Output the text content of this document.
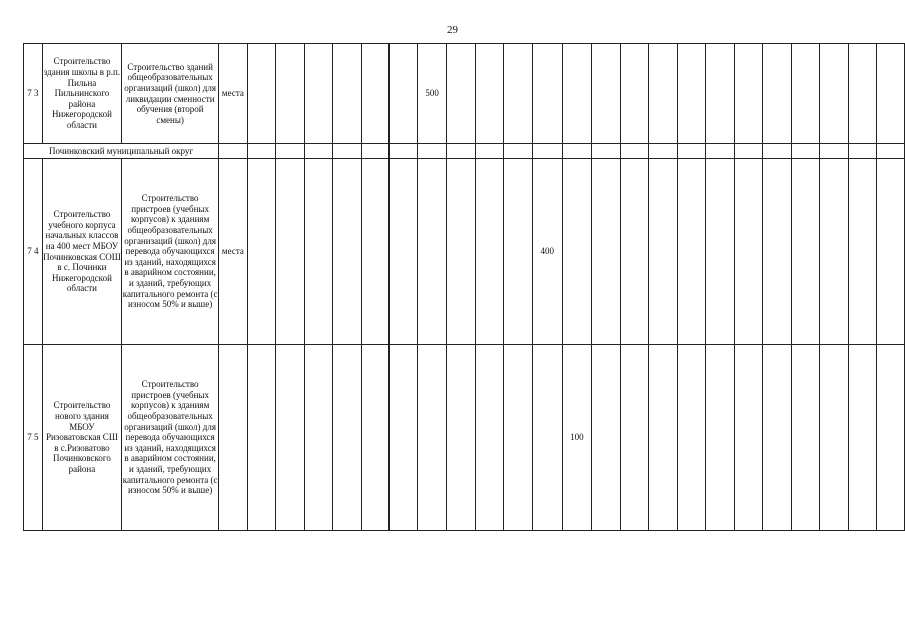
29
7 3	Строительство здания школы в р.п. Пильна Пильнинского района Нижегородской области	Строительство зданий общеобразовательных организаций (школ) для ликвидации сменности обучения (второй смены)	места							500																
Починковский муниципальный округ																										
7 4	Строительство учебного корпуса начальных классов на 400 мест МБОУ Починковская СОШ в с. Починки Нижегородской области	Строительство пристроев (учебных корпусов) к зданиям общеобразовательных организаций (школ) для перевода обучающихся из зданий, находящихся в аварийном состоянии, и зданий, требующих капитального ремонта (с износом 50% и выше)	места											400												
7 5	Строительство нового здания МБОУ Ризоватовская СШ в с.Ризоватово Починковского района	Строительство пристроев (учебных корпусов) к зданиям общеобразовательных организаций (школ) для перевода обучающихся из зданий, находящихся в аварийном состоянии, и зданий, требующих капитального ремонта (с износом 50% и выше)													100											
